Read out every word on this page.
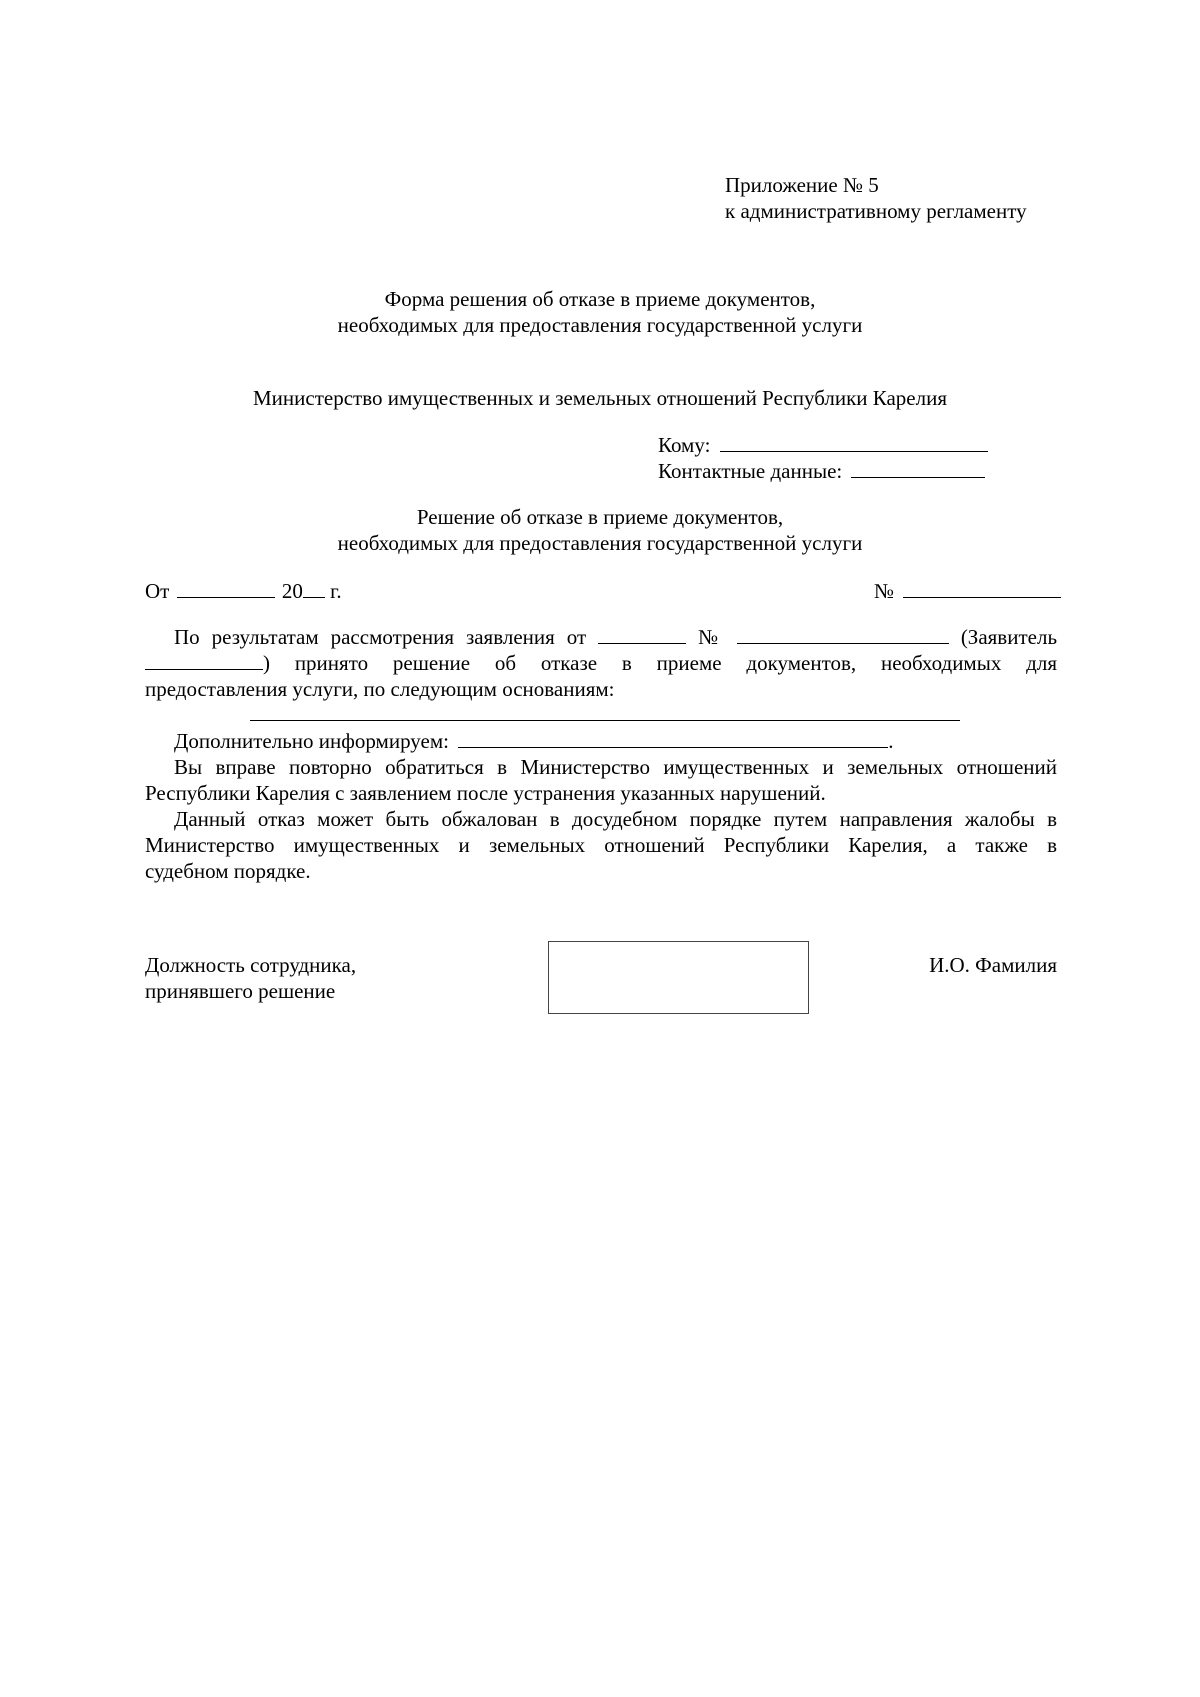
Приложение № 5
к административному регламенту
Форма решения об отказе в приеме документов,
необходимых для предоставления государственной услуги
Министерство имущественных и земельных отношений Республики Карелия
Кому:
Контактные данные:
Решение об отказе в приеме документов,
необходимых для предоставления государственной услуги
От	20 г.	№
По результатам рассмотрения заявления от	№	(Заявитель
) принято решение об отказе в приеме документов, необходимых для
предоставления услуги, по следующим основаниям:
Дополнительно информируем:	.
Вы вправе повторно обратиться в Министерство имущественных и земельных отношений
Республики Карелия с заявлением после устранения указанных нарушений.
Данный отказ может быть обжалован в досудебном порядке путем направления жалобы в
Министерство имущественных и земельных отношений Республики Карелия, а также в
судебном порядке.
Должность сотрудника,
принявшего решение
И.О. Фамилия
